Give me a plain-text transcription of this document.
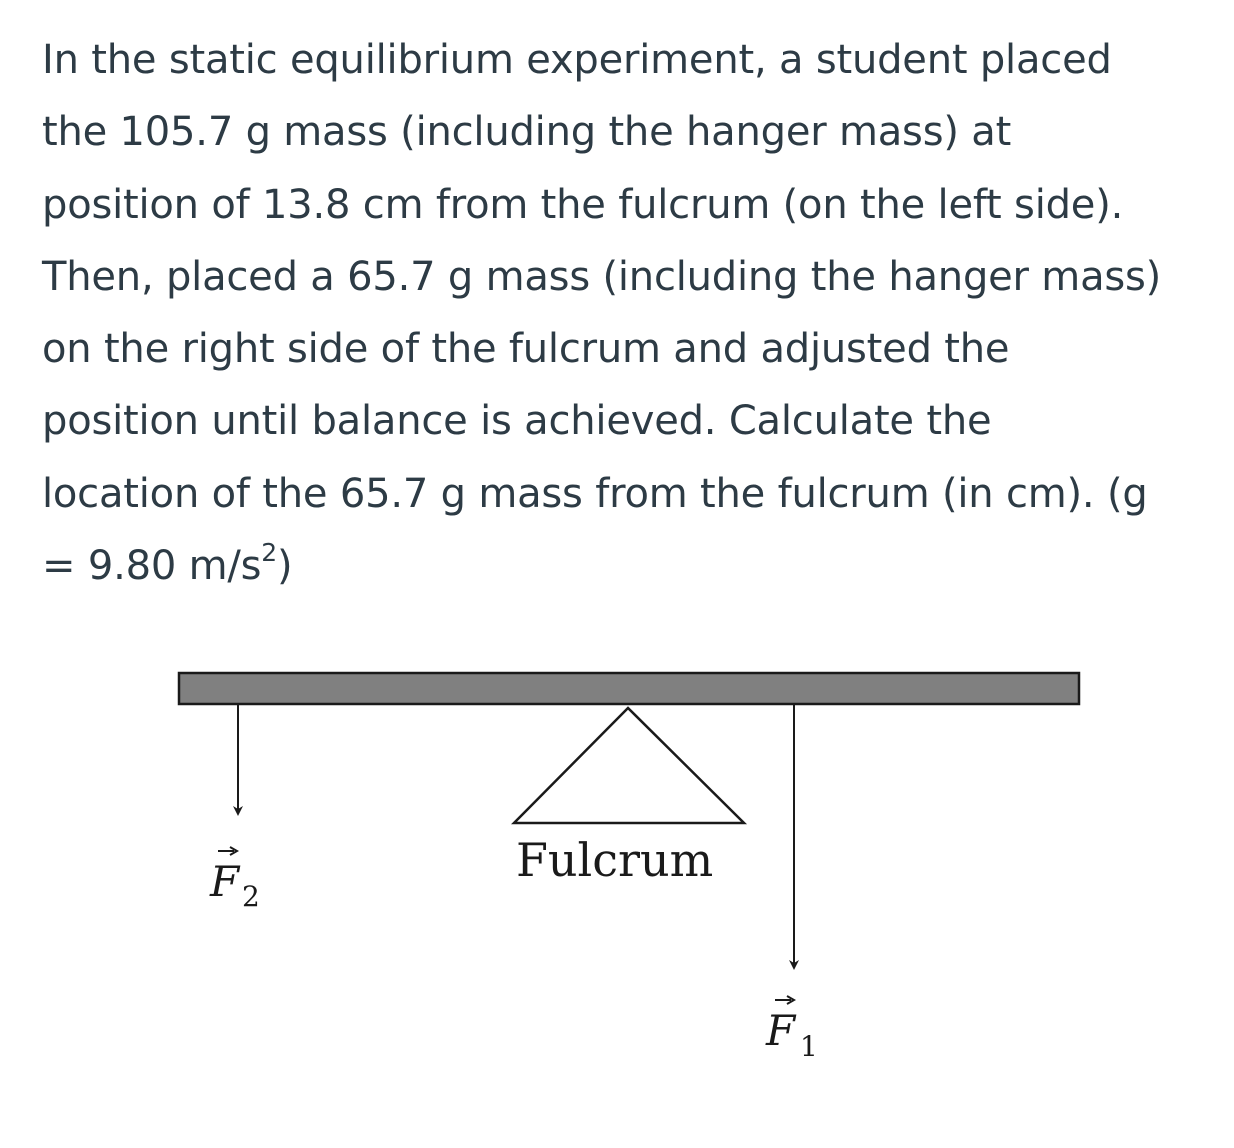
In the static equilibrium experiment, a student placed
the 105.7 g mass (including the hanger mass) at
position of 13.8 cm from the fulcrum (on the left side).
Then, placed a 65.7 g mass (including the hanger mass)
on the right side of the fulcrum and adjusted the
position until balance is achieved. Calculate the
location of the 65.7 g mass from the fulcrum (in cm). (g
= 9.80 $m/s^2$)
Fulcrum
F 2
F 1
